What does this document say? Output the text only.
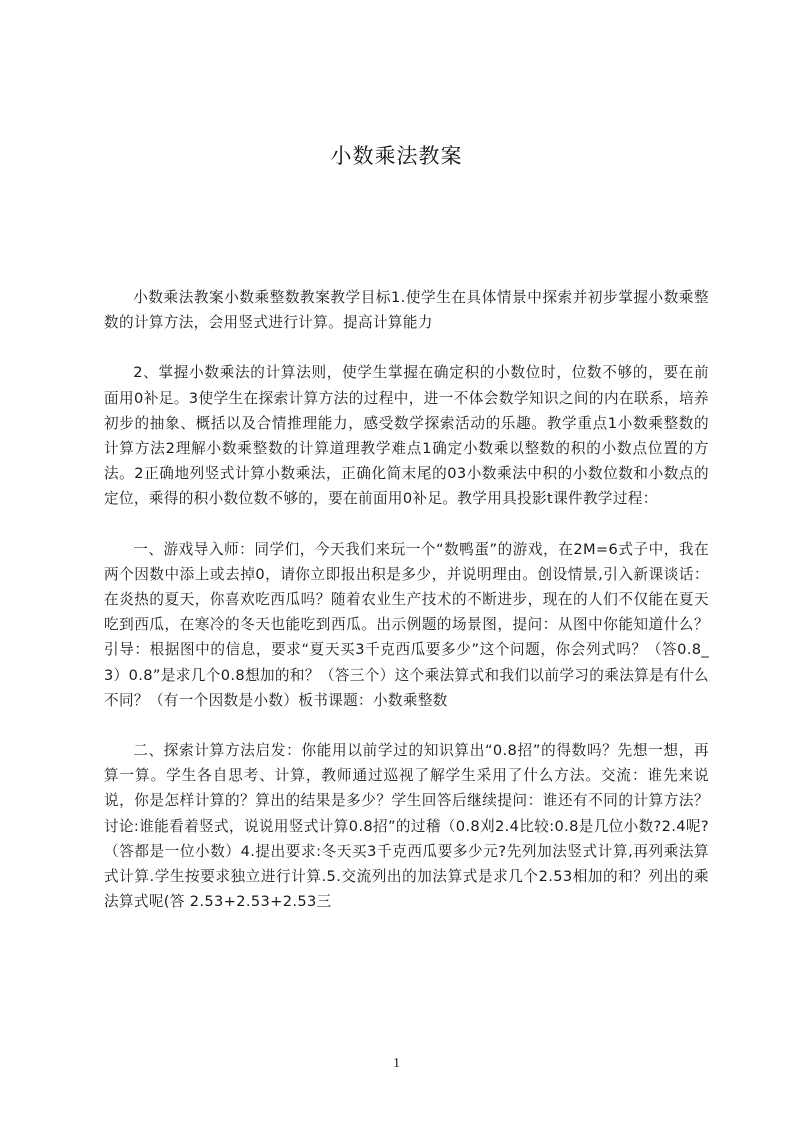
小数乘法教案

小数乘法教案小数乘整数教案教学目标1.使学生在具体情景中探索并初步掌握小数乘整数的计算方法，会用竖式进行计算。提高计算能力

2、掌握小数乘法的计算法则，使学生掌握在确定积的小数位时，位数不够的，要在前面用0补足。3使学生在探索计算方法的过程中，进一不体会数学知识之间的内在联系，培养初步的抽象、概括以及合情推理能力，感受数学探索活动的乐趣。教学重点1小数乘整数的计算方法2理解小数乘整数的计算道理教学难点1确定小数乘以整数的积的小数点位置的方法。2正确地列竖式计算小数乘法，正确化简末尾的03小数乘法中积的小数位数和小数点的定位，乘得的积小数位数不够的，要在前面用0补足。教学用具投影t课件教学过程：

一、游戏导入师：同学们，今天我们来玩一个“数鸭蛋”的游戏，在2M=6式子中，我在两个因数中添上或去掉0，请你立即报出积是多少，并说明理由。创设情景,引入新课谈话：在炎热的夏天，你喜欢吃西瓜吗？随着农业生产技术的不断进步，现在的人们不仅能在夏天吃到西瓜，在寒冷的冬天也能吃到西瓜。出示例题的场景图，提问：从图中你能知道什么？引导：根据图中的信息，要求“夏天买3千克西瓜要多少”这个问题，你会列式吗？（答0.8_3）0.8”是求几个0.8想加的和？（答三个）这个乘法算式和我们以前学习的乘法算是有什么不同？（有一个因数是小数）板书课题：小数乘整数

二、探索计算方法启发：你能用以前学过的知识算出“0.8招”的得数吗？先想一想，再算一算。学生各自思考、计算，教师通过巡视了解学生采用了什么方法。交流：谁先来说说，你是怎样计算的？算出的结果是多少？学生回答后继续提问：谁还有不同的计算方法？讨论:谁能看着竖式，说说用竖式计算0.8招”的过稽（0.8刈2.4比较:0.8是几位小数?2.4呢?（答都是一位小数）4.提出要求:冬天买3千克西瓜要多少元?先列加法竖式计算,再列乘法算式计算.学生按要求独立进行计算.5.交流列出的加法算式是求几个2.53相加的和？列出的乘法算式呢(答 2.53+2.53+2.53三

1
